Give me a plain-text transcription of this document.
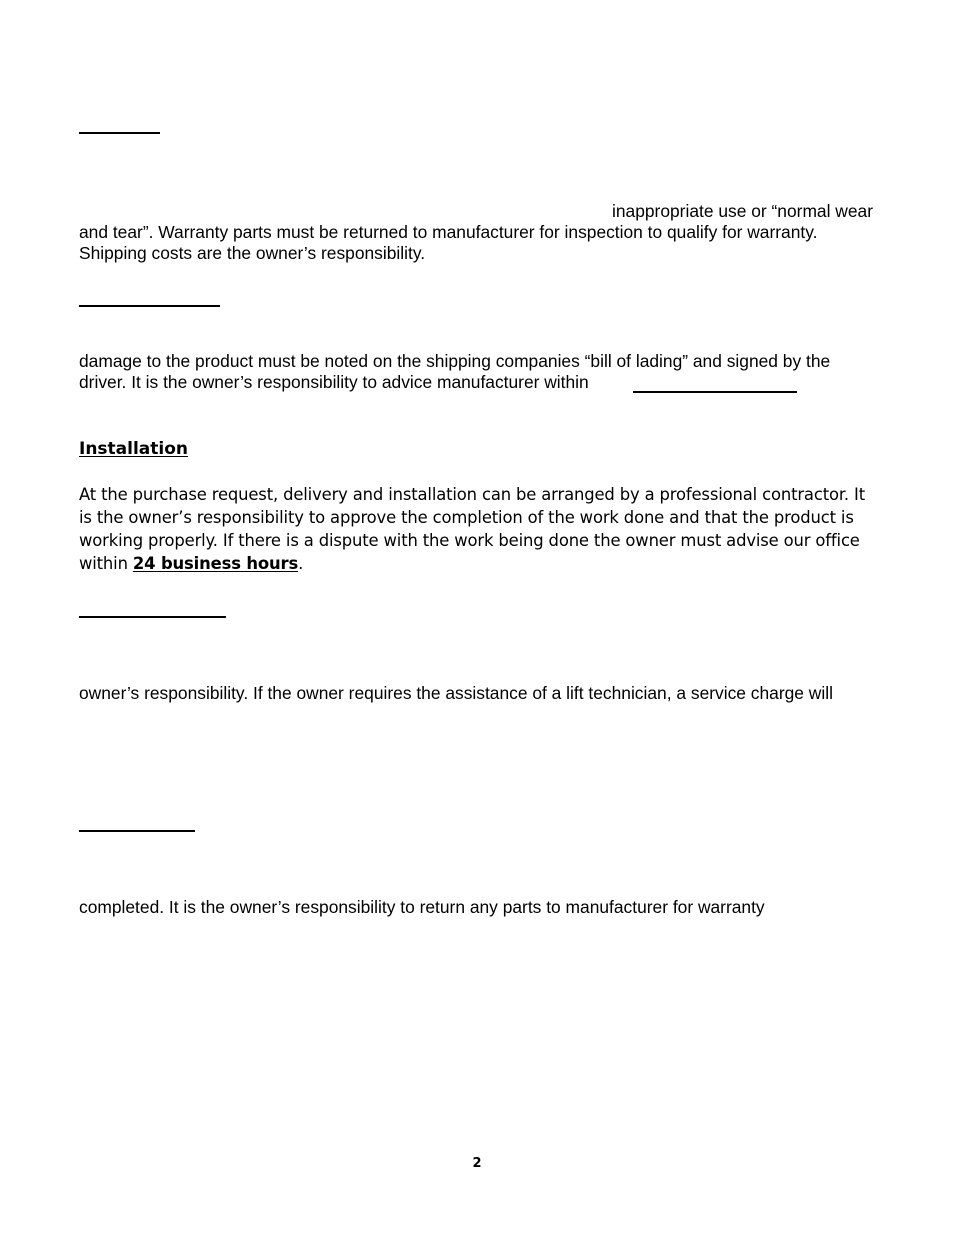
inappropriate use or “normal wear
and tear”. Warranty parts must be returned to manufacturer for inspection to qualify for warranty.
Shipping costs are the owner’s responsibility.
damage to the product must be noted on the shipping companies “bill of lading” and signed by the
driver. It is the owner’s responsibility to advice manufacturer within
Installation
At the purchase request, delivery and installation can be arranged by a professional contractor. It
is the owner’s responsibility to approve the completion of the work done and that the product is
working properly. If there is a dispute with the work being done the owner must advise our office
within 24 business hours.
owner’s responsibility. If the owner requires the assistance of a lift technician, a service charge will
completed. It is the owner’s responsibility to return any parts to manufacturer for warranty
2
